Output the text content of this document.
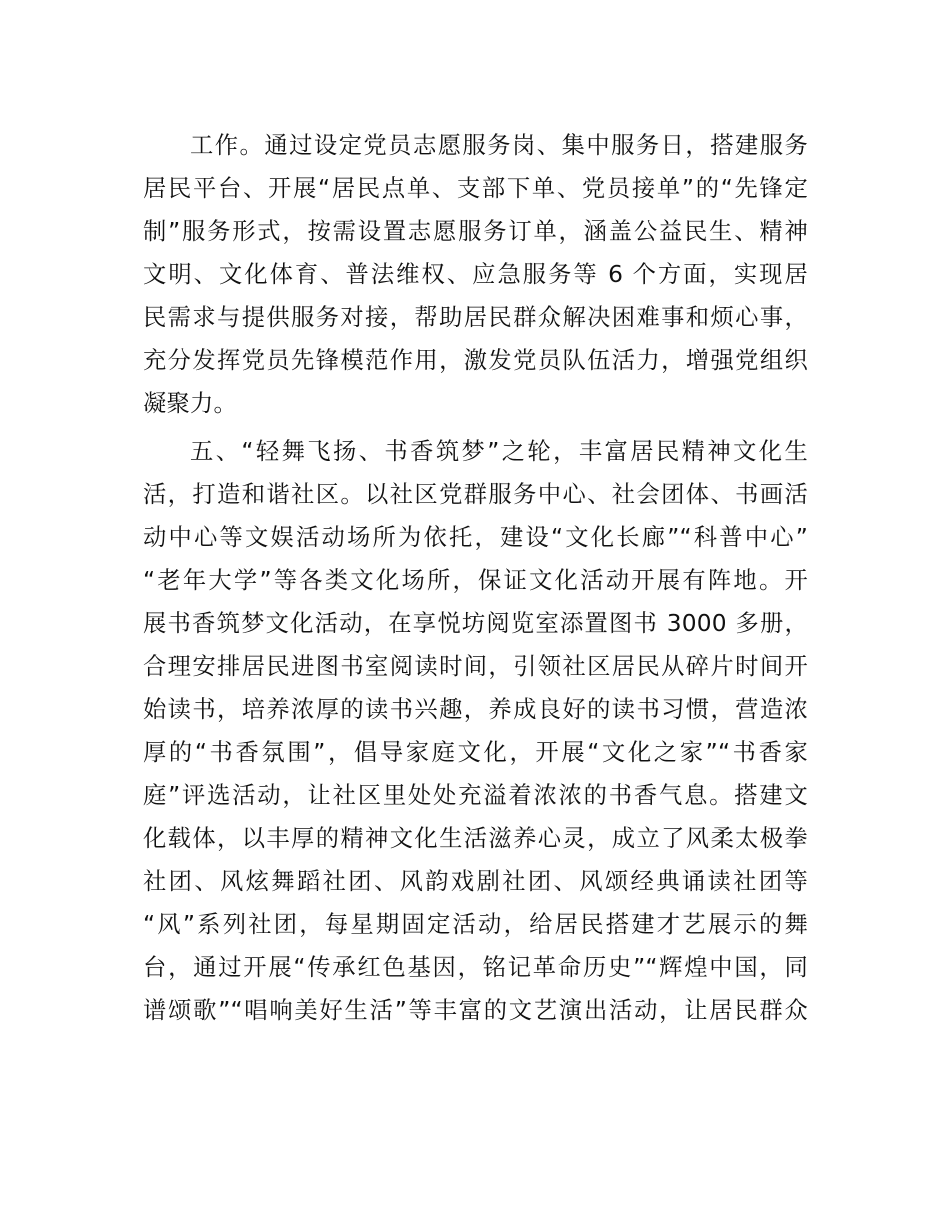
工作。通过设定党员志愿服务岗、集中服务日，搭建服务
居民平台、开展“居民点单、支部下单、党员接单”的“先锋定
制”服务形式，按需设置志愿服务订单，涵盖公益民生、精神
文明、文化体育、普法维权、应急服务等 6 个方面，实现居
民需求与提供服务对接，帮助居民群众解决困难事和烦心事，
充分发挥党员先锋模范作用，激发党员队伍活力，增强党组织
凝聚力。
五、“轻舞飞扬、书香筑梦”之轮，丰富居民精神文化生
活，打造和谐社区。以社区党群服务中心、社会团体、书画活
动中心等文娱活动场所为依托，建设“文化长廊”“科普中心”
“老年大学”等各类文化场所，保证文化活动开展有阵地。开
展书香筑梦文化活动，在享悦坊阅览室添置图书 3000 多册，
合理安排居民进图书室阅读时间，引领社区居民从碎片时间开
始读书，培养浓厚的读书兴趣，养成良好的读书习惯，营造浓
厚的“书香氛围”，倡导家庭文化，开展“文化之家”“书香家
庭”评选活动，让社区里处处充溢着浓浓的书香气息。搭建文
化载体，以丰厚的精神文化生活滋养心灵，成立了风柔太极拳
社团、风炫舞蹈社团、风韵戏剧社团、风颂经典诵读社团等
“风”系列社团，每星期固定活动，给居民搭建才艺展示的舞
台，通过开展“传承红色基因，铭记革命历史”“辉煌中国，同
谱颂歌”“唱响美好生活”等丰富的文艺演出活动，让居民群众
